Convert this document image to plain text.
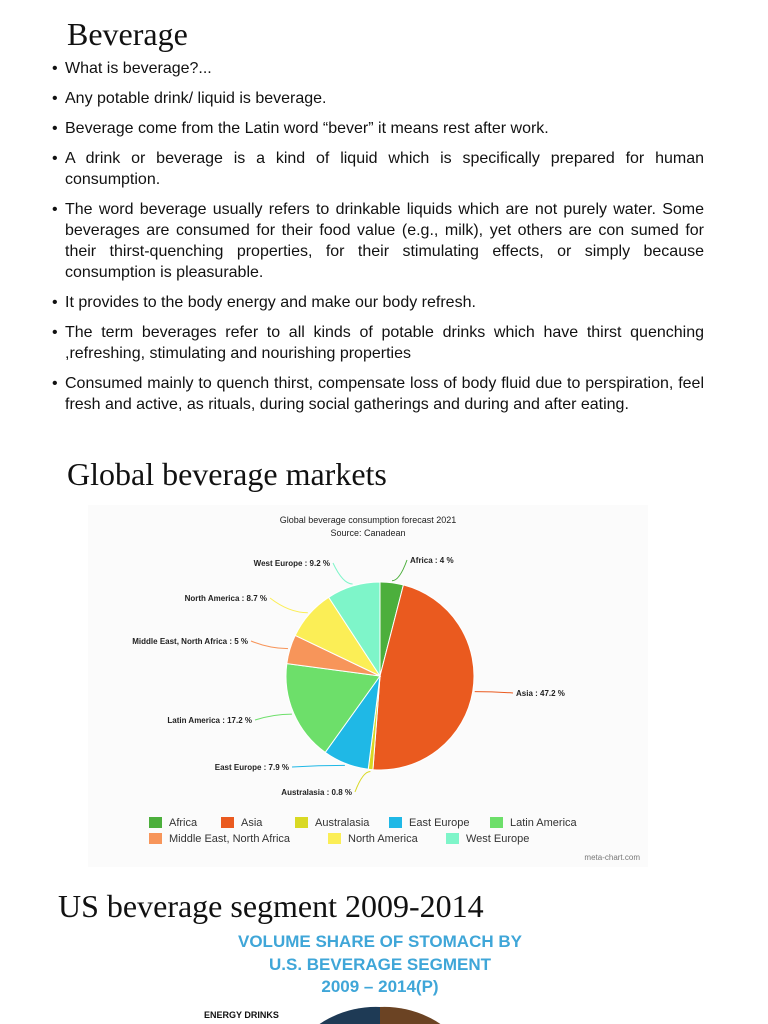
Beverage
• What is beverage?...
• Any potable drink/ liquid is beverage.
• Beverage come from the Latin word “bever” it means rest after work.
• A drink or beverage is a kind of liquid which is specifically prepared for human consumption.
• The word beverage usually refers to drinkable liquids which are not purely water. Some beverages are consumed for their food value (e.g., milk), yet others are con sumed for their thirst-quenching properties, for their stimulating effects, or simply because consumption is pleasurable.
• It provides to the body energy and make our body refresh.
• The term beverages refer to all kinds of potable drinks which have thirst quenching ,refreshing, stimulating and nourishing properties
• Consumed mainly to quench thirst, compensate loss of body fluid due to perspiration, feel fresh and active, as rituals, during social gatherings and during and after eating.
Global beverage markets
Global beverage consumption forecast 2021
Source: Canadean
Africa : 4 %
Asia : 47.2 %
Australasia : 0.8 %
East Europe : 7.9 %
Latin America : 17.2 %
Middle East, North Africa : 5 %
North America : 8.7 %
West Europe : 9.2 %
Africa	Asia	Australasia	East Europe	Latin America
Middle East, North Africa	North America	West Europe
meta-chart.com
US beverage segment 2009-2014
VOLUME SHARE OF STOMACH BY
U.S. BEVERAGE SEGMENT
2009 – 2014(P)
ENERGY DRINKS
